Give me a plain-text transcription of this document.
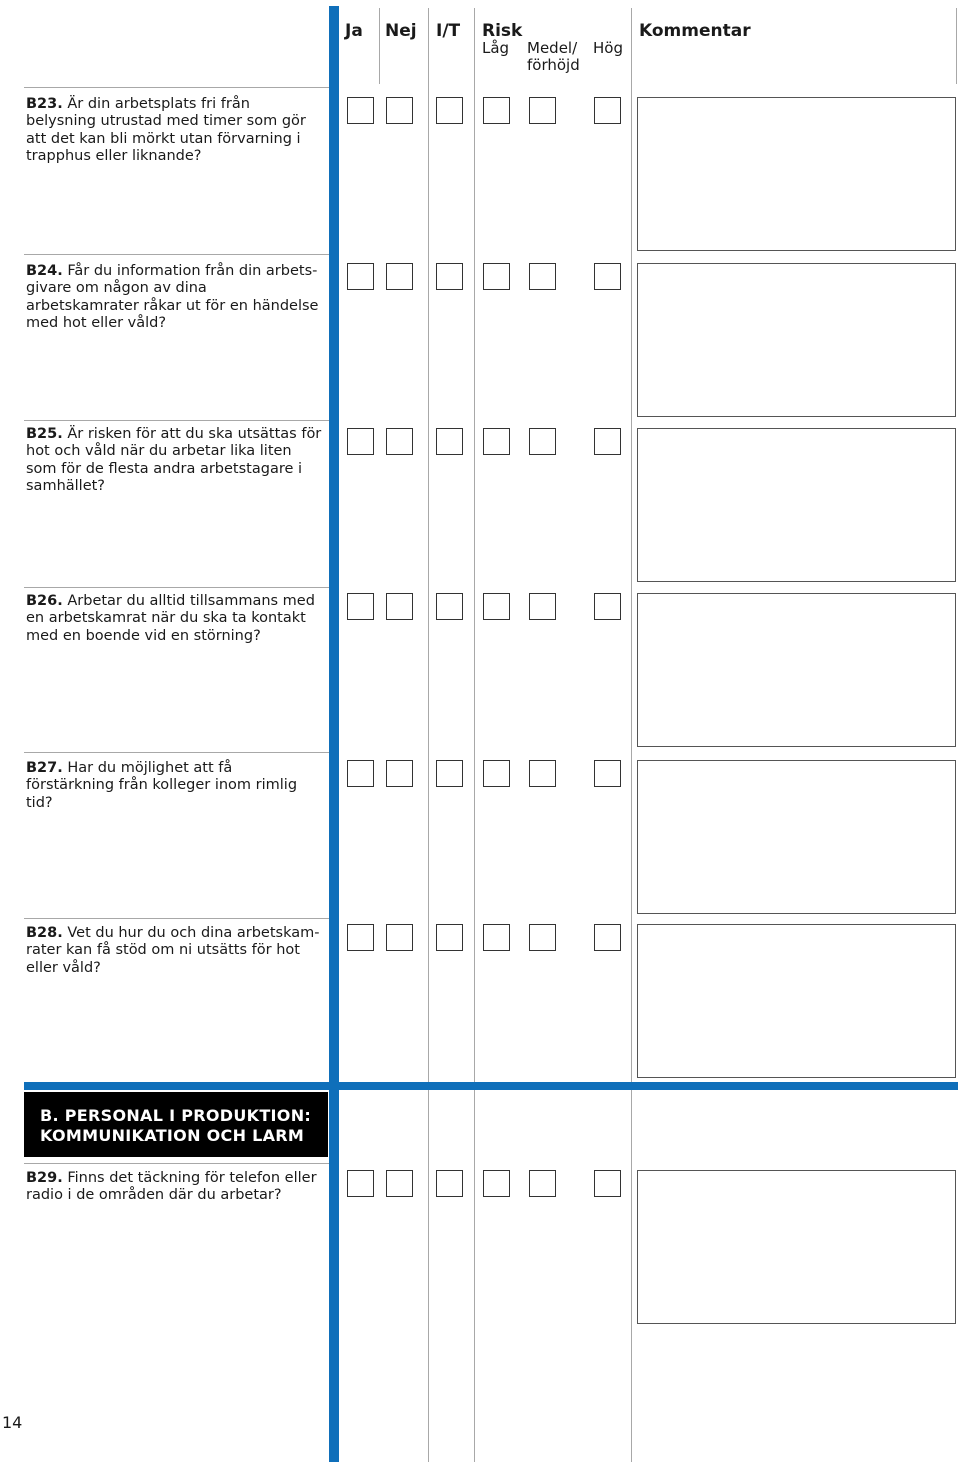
Ja Nej I/T Risk
Låg Medel/
förhöjd
Hög
Kommentar
B23. Är din arbetsplats fri från belysning utrustad med timer som gör att det kan bli mörkt utan förvarning i trapphus eller liknande?
B24. Får du information från din arbetsgivare om någon av dina arbetskamrater råkar ut för en händelse med hot eller våld?
B25. Är risken för att du ska utsättas för hot och våld när du arbetar lika liten som för de flesta andra arbetstagare i samhället?
B26. Arbetar du alltid tillsammans med en arbetskamrat när du ska ta kontakt med en boende vid en störning?
B27. Har du möjlighet att få förstärkning från kolleger inom rimlig tid?
B28. Vet du hur du och dina arbetskamrater kan få stöd om ni utsätts för hot eller våld?
B29. Finns det täckning för telefon eller radio i de områden där du arbetar?
B. PERSONAL I PRODUKTION:
KOMMUNIKATION OCH LARM
14
